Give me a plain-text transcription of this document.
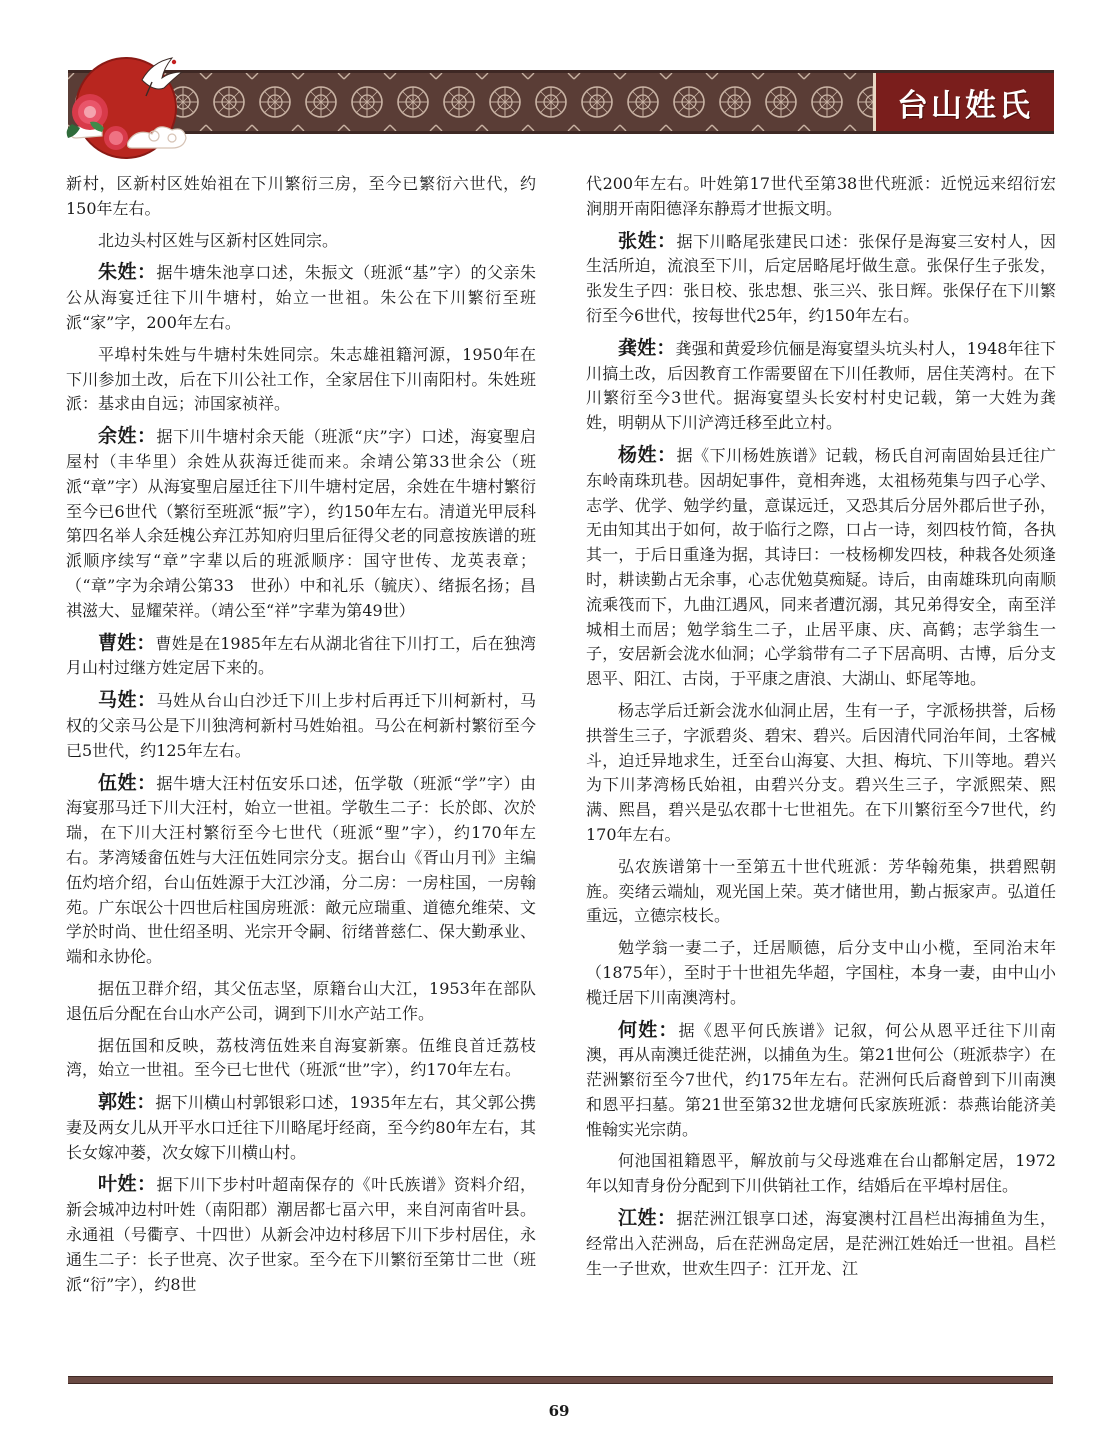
台山姓氏

新村，区新村区姓始祖在下川繁衍三房，至今已繁衍六世代，约150年左右。

北边头村区姓与区新村区姓同宗。

朱姓：据牛塘朱池享口述，朱振文（班派“基”字）的父亲朱公从海宴迁往下川牛塘村，始立一世祖。朱公在下川繁衍至班派“家”字，200年左右。

平埠村朱姓与牛塘村朱姓同宗。朱志雄祖籍河源，1950年在下川参加土改，后在下川公社工作，全家居住下川南阳村。朱姓班派：基求由自远；沛国家祯祥。

余姓：据下川牛塘村余天能（班派“庆”字）口述，海宴聖启屋村（丰华里）余姓从荻海迁徙而来。余靖公第33世余公（班派“章”字）从海宴聖启屋迁往下川牛塘村定居，余姓在牛塘村繁衍至今已6世代（繁衍至班派“振”字），约150年左右。清道光甲辰科第四名举人余廷槐公弃江苏知府归里后征得父老的同意按族谱的班派顺序续写“章”字辈以后的班派顺序：国守世传、龙英表章；（“章”字为余靖公第33　世孙）中和礼乐（毓庆）、绪振名扬；昌祺滋大、显耀荣祥。（靖公至“祥”字辈为第49世）

曹姓：曹姓是在1985年左右从湖北省往下川打工，后在独湾月山村过继方姓定居下来的。

马姓：马姓从台山白沙迁下川上步村后再迁下川柯新村，马权的父亲马公是下川独湾柯新村马姓始祖。马公在柯新村繁衍至今已5世代，约125年左右。

伍姓：据牛塘大汪村伍安乐口述，伍学敬（班派“学”字）由海宴那马迁下川大汪村，始立一世祖。学敬生二子：长於郎、次於瑞，在下川大汪村繁衍至今七世代（班派“聖”字），约170年左右。茅湾矮畲伍姓与大汪伍姓同宗分支。据台山《胥山月刊》主编伍灼培介绍，台山伍姓源于大江沙涌，分二房：一房柱国，一房翰苑。广东氓公十四世后柱国房班派：敵元应瑞重、道德允维荣、文学於时尚、世仕绍圣明、光宗开令嗣、衍绪普慈仁、保大勤承业、端和永协伦。

据伍卫群介绍，其父伍志坚，原籍台山大江，1953年在部队退伍后分配在台山水产公司，调到下川水产站工作。

据伍国和反映，荔枝湾伍姓来自海宴新寨。伍维良首迁荔枝湾，始立一世祖。至今已七世代（班派“世”字），约170年左右。

郭姓：据下川横山村郭银彩口述，1935年左右，其父郭公携妻及两女儿从开平水口迁往下川略尾圩经商，至今约80年左右，其长女嫁冲蒌，次女嫁下川横山村。

叶姓：据下川下步村叶超南保存的《叶氏族谱》资料介绍，新会城冲边村叶姓（南阳郡）潮居都七畐六甲，来自河南省叶县。永通祖（号衢亨、十四世）从新会冲边村移居下川下步村居住，永通生二子：长子世亮、次子世家。至今在下川繁衍至第廿二世（班派“衍”字），约8世

代200年左右。叶姓第17世代至第38世代班派：近悦远来绍衍宏涧朋开南阳德泽东静焉才世振文明。

张姓：据下川略尾张建民口述：张保仔是海宴三安村人，因生活所迫，流浪至下川，后定居略尾圩做生意。张保仔生子张发，张发生子四：张日校、张忠想、张三兴、张日辉。张保仔在下川繁衍至今6世代，按每世代25年，约150年左右。

龚姓：龚强和黄爱珍伉俪是海宴望头坑头村人，1948年往下川搞土改，后因教育工作需要留在下川任教师，居住芙湾村。在下川繁衍至今3世代。据海宴望头长安村村史记载，第一大姓为龚姓，明朝从下川浐湾迁移至此立村。

杨姓：据《下川杨姓族谱》记载，杨氏自河南固始县迁往广东岭南珠玑巷。因胡妃事件，竟相奔逃，太祖杨苑集与四子心学、志学、优学、勉学约量，意谋远迁，又恐其后分居外郡后世子孙，无由知其出于如何，故于临行之際，口占一诗，刻四枝竹简，各执其一，于后日重逢为据，其诗曰：一枝杨柳发四枝，种栽各处须逢时，耕读勤占无余事，心志优勉莫痴疑。诗后，由南雄珠玑向南顺流乘筏而下，九曲江遇风，同来者遭沉溺，其兄弟得安全，南至洋城相土而居；勉学翁生二子，止居平康、庆、高鹤；志学翁生一子，安居新会泷水仙洞；心学翁带有二子下居高明、古博，后分支恩平、阳江、古岗，于平康之唐浪、大湖山、虾尾等地。

杨志学后迁新会泷水仙洞止居，生有一子，字派杨拱誉，后杨拱誉生三子，字派碧炎、碧宋、碧兴。后因清代同治年间，土客械斗，迫迁异地求生，迁至台山海宴、大担、梅坑、下川等地。碧兴为下川茅湾杨氏始祖，由碧兴分支。碧兴生三子，字派熙荣、熙满、熙昌，碧兴是弘农郡十七世祖先。在下川繁衍至今7世代，约170年左右。

弘农族谱第十一至第五十世代班派：芳华翰苑集，拱碧熙朝旌。奕绪云端灿，观光国上荣。英才储世用，勤占振家声。弘道任重远，立德宗枝长。

勉学翁一妻二子，迁居顺德，后分支中山小榄，至同治末年（1875年），至时于十世祖先华超，字国柱，本身一妻，由中山小榄迁居下川南澳湾村。

何姓：据《恩平何氏族谱》记叙，何公从恩平迁往下川南澳，再从南澳迁徙茫洲，以捕鱼为生。第21世何公（班派恭字）在茫洲繁衍至今7世代，约175年左右。茫洲何氏后裔曾到下川南澳和恩平扫墓。第21世至第32世龙塘何氏家族班派：恭燕诒能济美惟翰实光宗荫。

何池国祖籍恩平，解放前与父母逃难在台山都斛定居，1972年以知青身份分配到下川供销社工作，结婚后在平埠村居住。

江姓：据茫洲江银享口述，海宴澳村江昌栏出海捕鱼为生，经常出入茫洲岛，后在茫洲岛定居，是茫洲江姓始迁一世祖。昌栏生一子世欢，世欢生四子：江开龙、江

69
